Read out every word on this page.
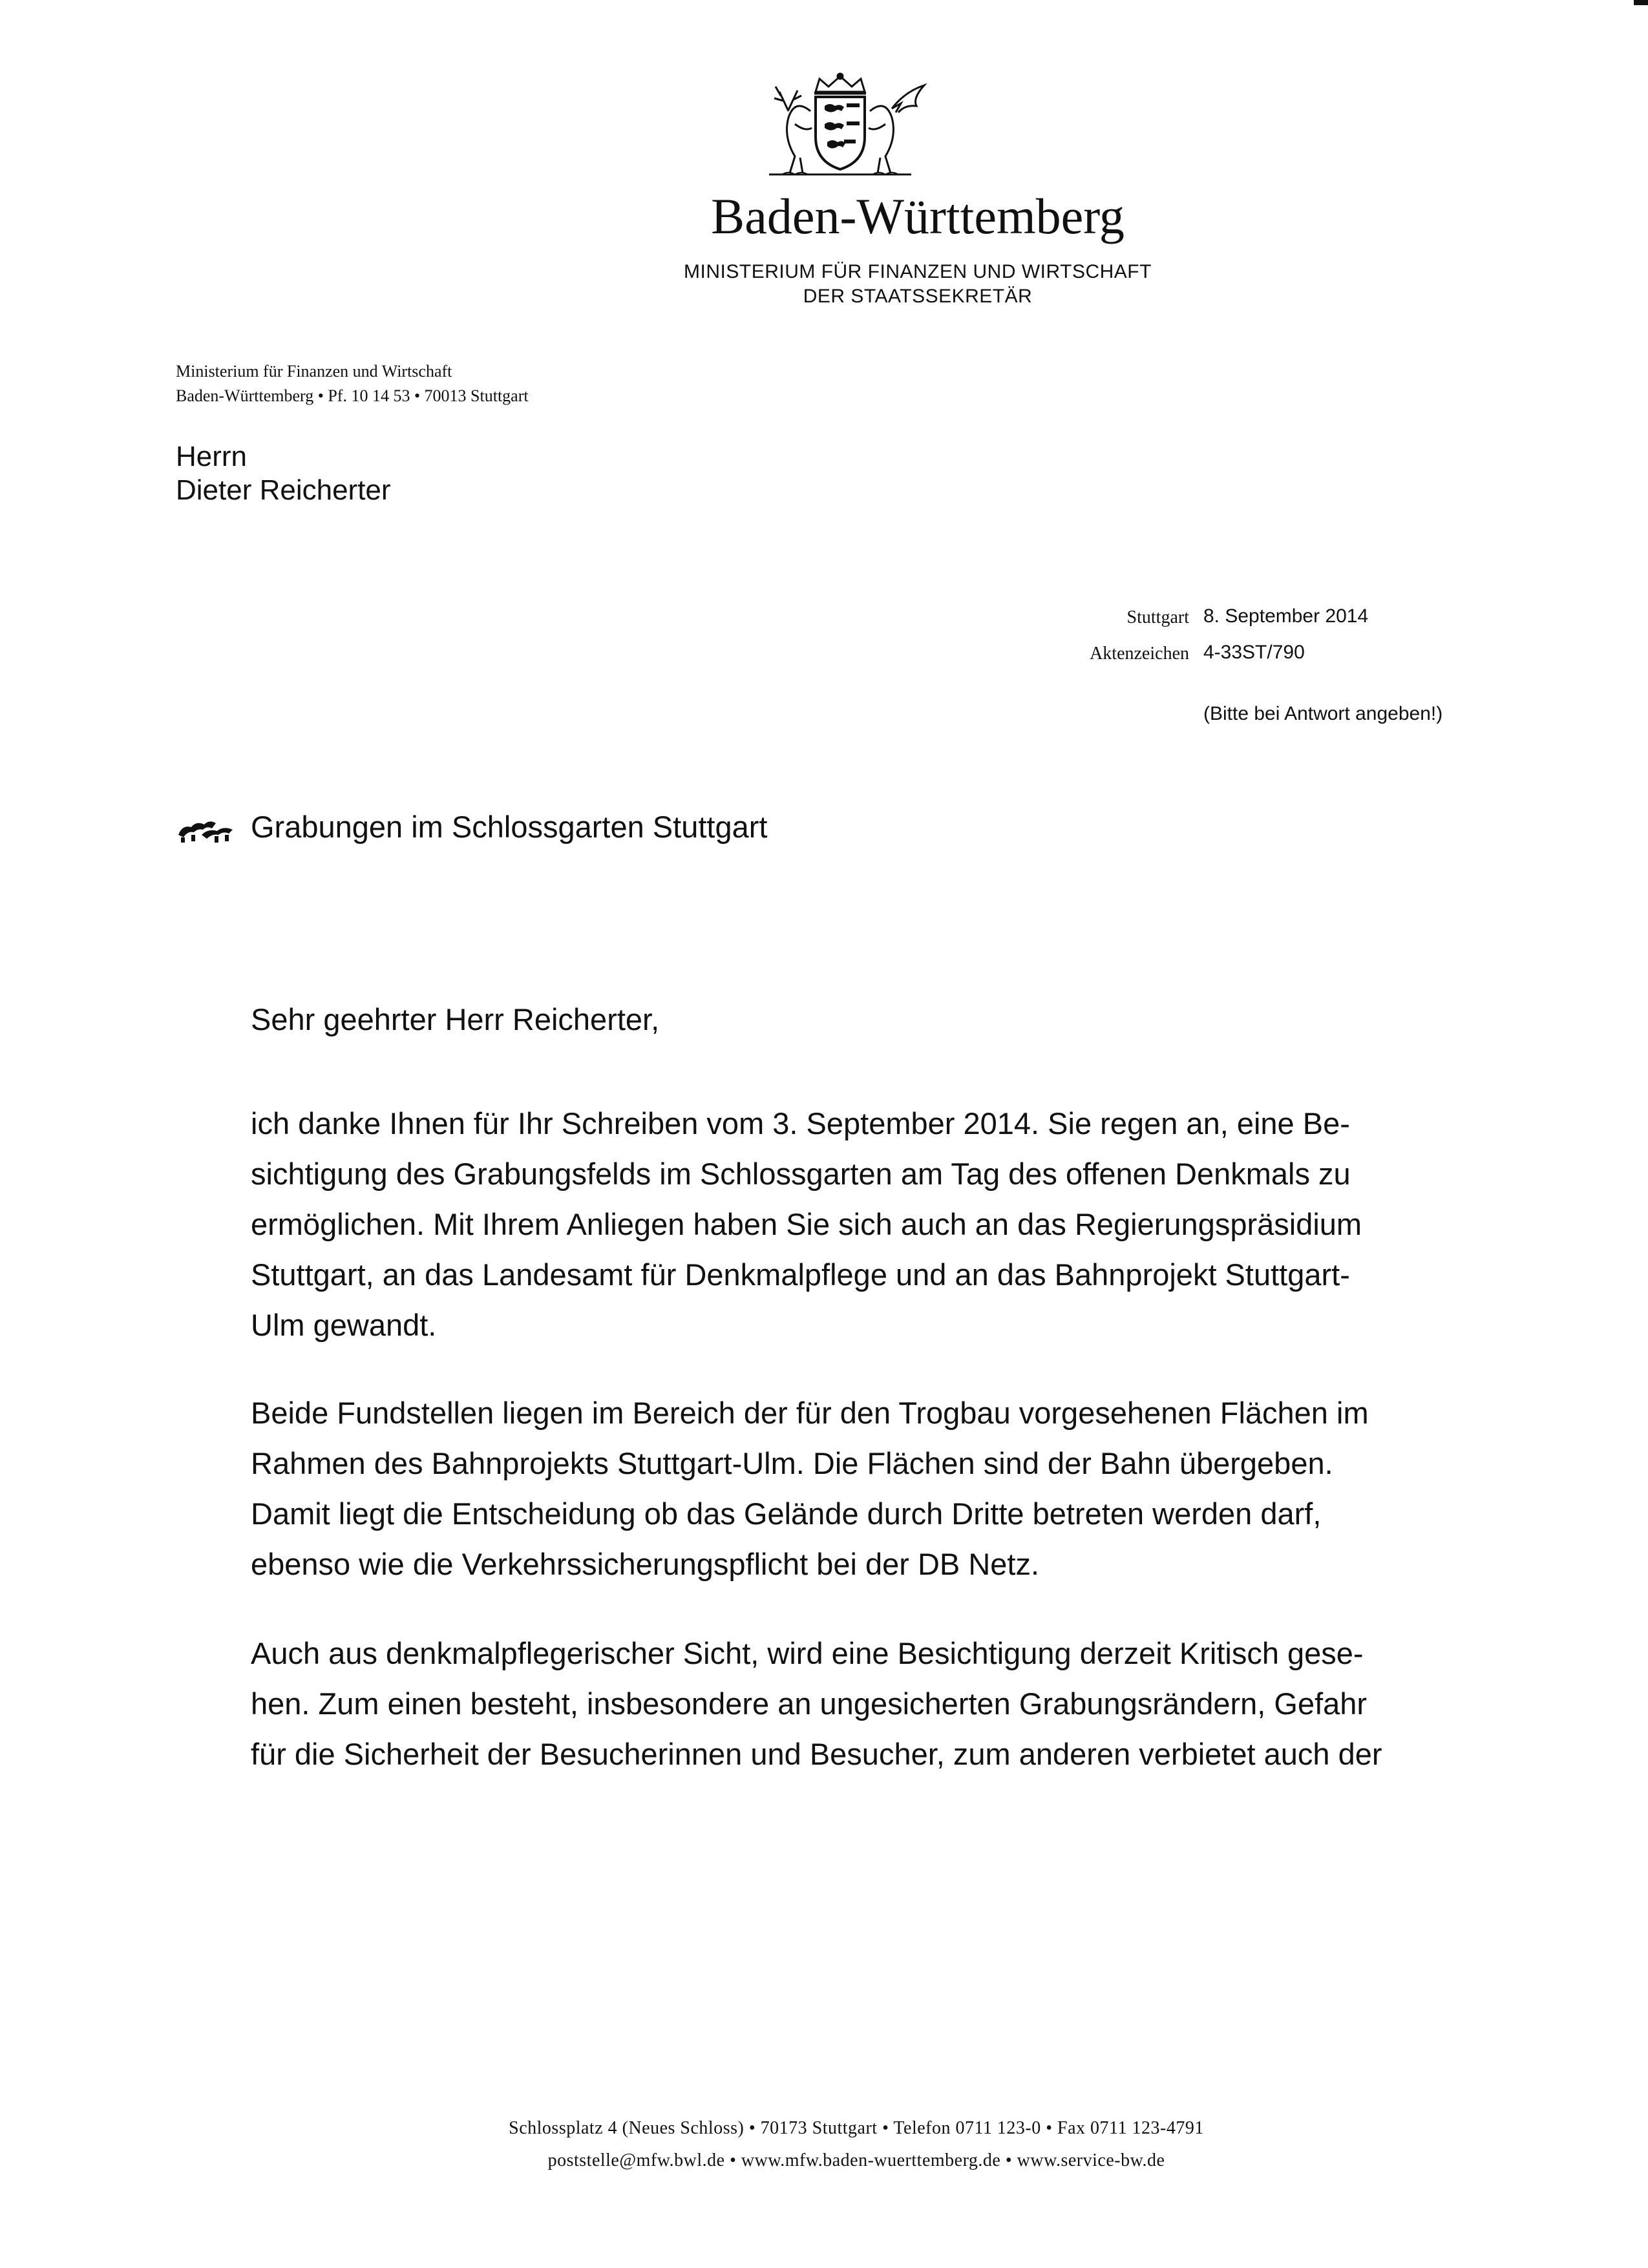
Baden-Württemberg
MINISTERIUM FÜR FINANZEN UND WIRTSCHAFT
DER STAATSSEKRETÄR
Ministerium für Finanzen und Wirtschaft
Baden-Württemberg • Pf. 10 14 53 • 70013 Stuttgart
Herrn
Dieter Reicherter
Stuttgart 8. September 2014
Aktenzeichen 4-33ST/790
(Bitte bei Antwort angeben!)
Grabungen im Schlossgarten Stuttgart
Sehr geehrter Herr Reicherter,
ich danke Ihnen für Ihr Schreiben vom 3. September 2014. Sie regen an, eine Be-
sichtigung des Grabungsfelds im Schlossgarten am Tag des offenen Denkmals zu
ermöglichen. Mit Ihrem Anliegen haben Sie sich auch an das Regierungspräsidium
Stuttgart, an das Landesamt für Denkmalpflege und an das Bahnprojekt Stuttgart-
Ulm gewandt.
Beide Fundstellen liegen im Bereich der für den Trogbau vorgesehenen Flächen im
Rahmen des Bahnprojekts Stuttgart-Ulm. Die Flächen sind der Bahn übergeben.
Damit liegt die Entscheidung ob das Gelände durch Dritte betreten werden darf,
ebenso wie die Verkehrssicherungspflicht bei der DB Netz.
Auch aus denkmalpflegerischer Sicht, wird eine Besichtigung derzeit Kritisch gese-
hen. Zum einen besteht, insbesondere an ungesicherten Grabungsrändern, Gefahr
für die Sicherheit der Besucherinnen und Besucher, zum anderen verbietet auch der
Schlossplatz 4 (Neues Schloss) • 70173 Stuttgart • Telefon 0711 123-0 • Fax 0711 123-4791
poststelle@mfw.bwl.de • www.mfw.baden-wuerttemberg.de • www.service-bw.de
